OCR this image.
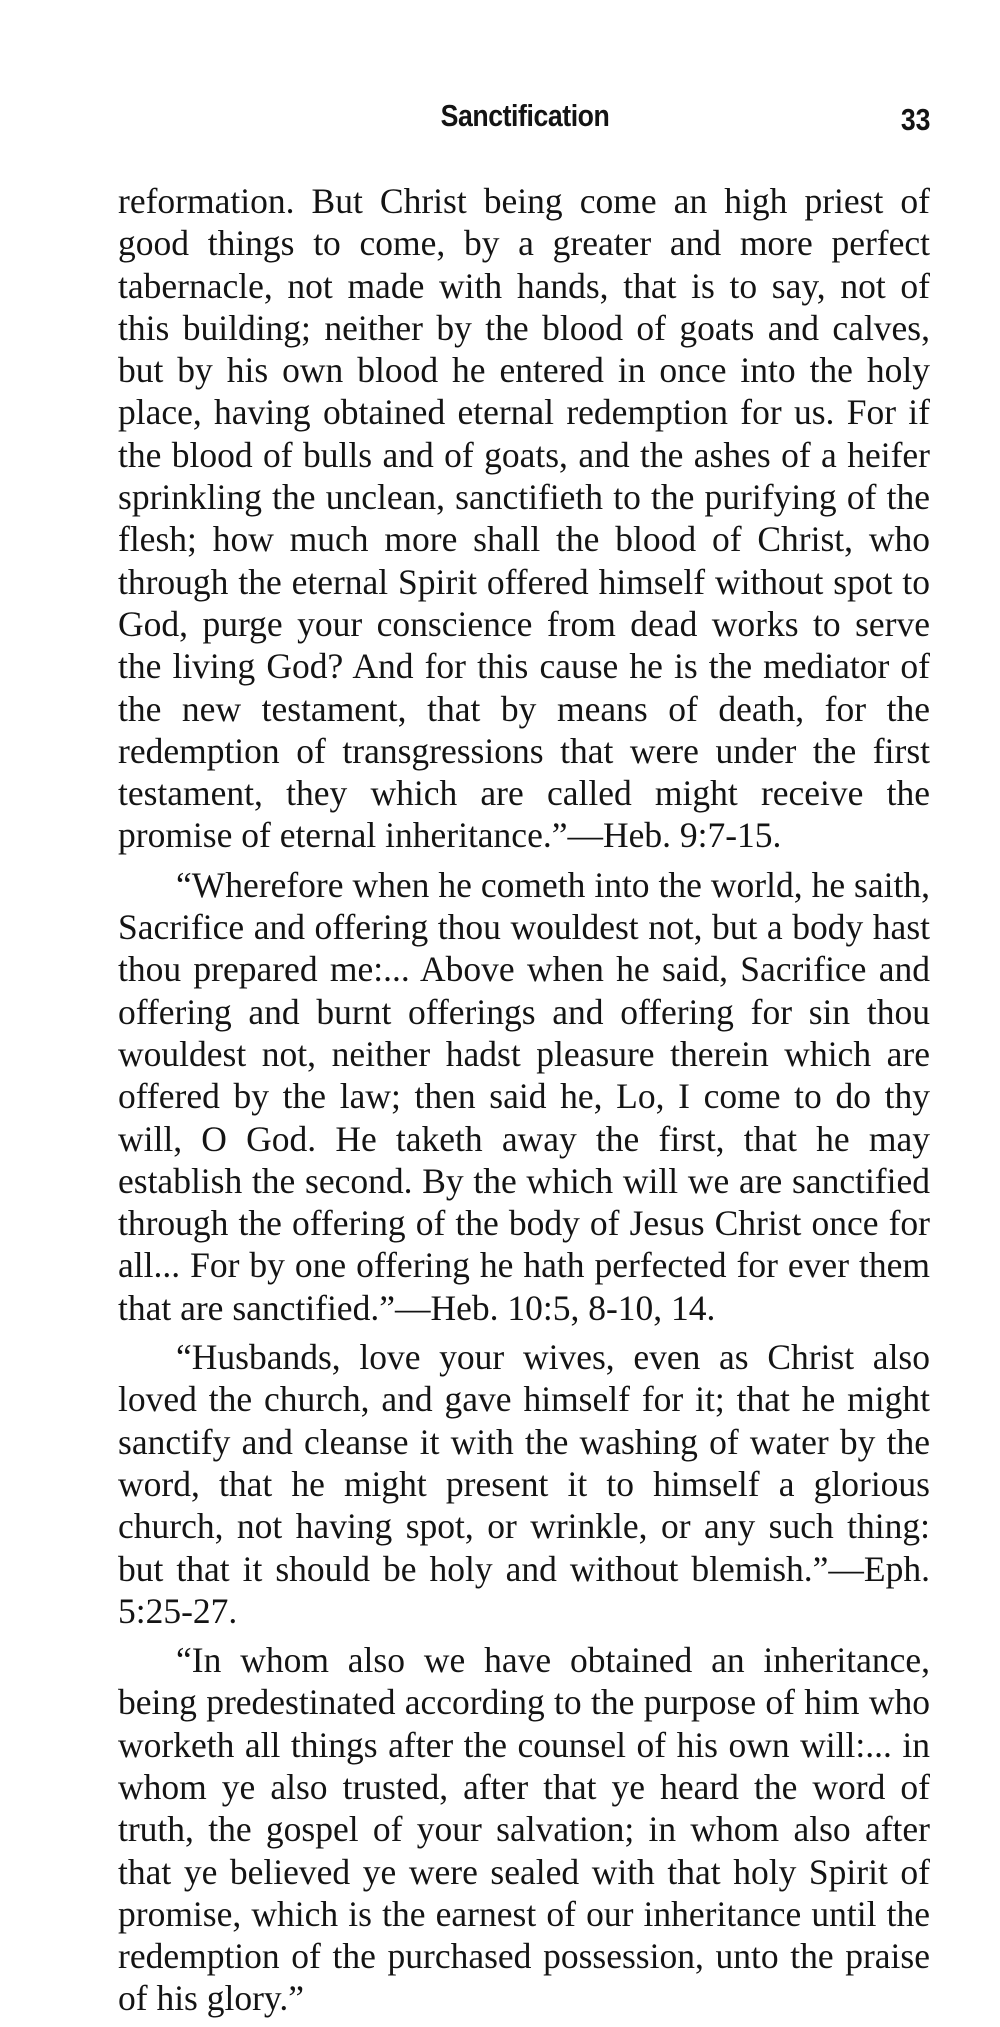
Sanctification	33

reformation. But Christ being come an high priest of good things to come, by a greater and more perfect tabernacle, not made with hands, that is to say, not of this building; neither by the blood of goats and calves, but by his own blood he entered in once into the holy place, having obtained eternal redemption for us. For if the blood of bulls and of goats, and the ashes of a heifer sprinkling the unclean, sanctifieth to the purifying of the flesh; how much more shall the blood of Christ, who through the eternal Spirit offered himself without spot to God, purge your conscience from dead works to serve the living God? And for this cause he is the mediator of the new testament, that by means of death, for the redemption of transgressions that were under the first testament, they which are called might receive the promise of eternal inheritance.”—Heb. 9:7-15.

“Wherefore when he cometh into the world, he saith, Sacrifice and offering thou wouldest not, but a body hast thou prepared me:... Above when he said, Sacrifice and offering and burnt offerings and offering for sin thou wouldest not, neither hadst pleasure therein which are offered by the law; then said he, Lo, I come to do thy will, O God. He taketh away the first, that he may establish the second. By the which will we are sanctified through the offering of the body of Jesus Christ once for all... For by one offering he hath perfected for ever them that are sanctified.”—Heb. 10:5, 8-10, 14.

“Husbands, love your wives, even as Christ also loved the church, and gave himself for it; that he might sanctify and cleanse it with the washing of water by the word, that he might present it to himself a glorious church, not having spot, or wrinkle, or any such thing: but that it should be holy and without blemish.”—Eph. 5:25-27.

“In whom also we have obtained an inheritance, being predestinated according to the purpose of him who worketh all things after the counsel of his own will:... in whom ye also trusted, after that ye heard the word of truth, the gospel of your salvation; in whom also after that ye believed ye were sealed with that holy Spirit of promise, which is the earnest of our inheritance until the redemption of the purchased possession, unto the praise of his glory.”
